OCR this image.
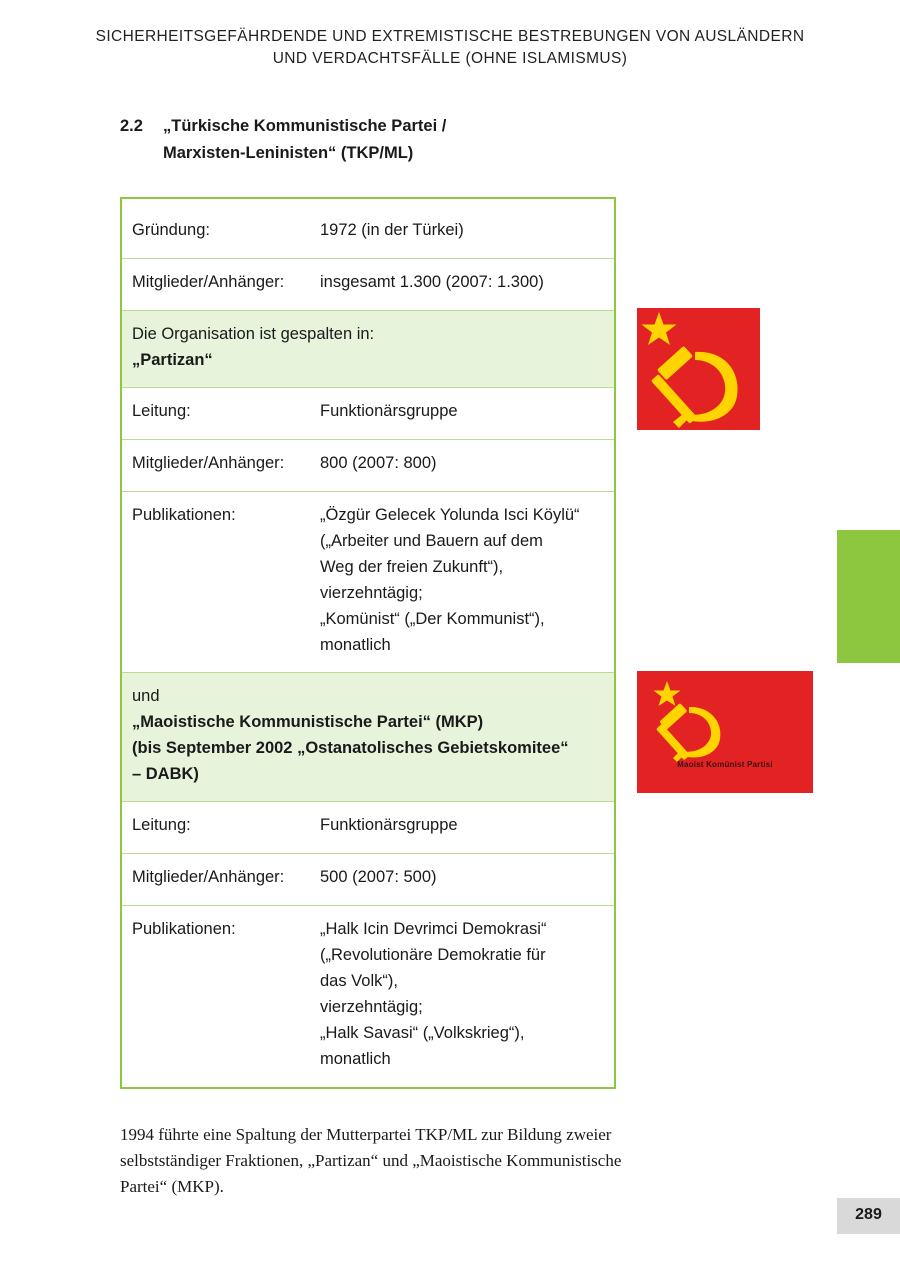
SICHERHEITSGEFÄHRDENDE UND EXTREMISTISCHE BESTREBUNGEN VON AUSLÄNDERN
UND VERDACHTSFÄLLE (OHNE ISLAMISMUS)
2.2 „Türkische Kommunistische Partei /
Marxisten-Leninisten“ (TKP/ML)
Gründung:	1972 (in der Türkei)
Mitglieder/Anhänger: insgesamt 1.300 (2007: 1.300)
Die Organisation ist gespalten in:
„Partizan“
Leitung:	Funktionärsgruppe
Mitglieder/Anhänger: 800 (2007: 800)
Publikationen:	„Özgür Gelecek Yolunda Isci Köylü“
(„Arbeiter und Bauern auf dem
Weg der freien Zukunft“),
vierzehntägig;
„Komünist“ („Der Kommunist“),
monatlich
und
„Maoistische Kommunistische Partei“ (MKP)
(bis September 2002 „Ostanatolisches Gebietskomitee“
– DABK)
Leitung:	Funktionärsgruppe
Mitglieder/Anhänger: 500 (2007: 500)
Publikationen:	„Halk Icin Devrimci Demokrasi“
(„Revolutionäre Demokratie für
das Volk“),
vierzehntägig;
„Halk Savasi“ („Volkskrieg“),
monatlich
Maoist Komünist Partisi
1994 führte eine Spaltung der Mutterpartei TKP/ML zur Bildung zweier selbstständiger Fraktionen, „Partizan“ und „Maoistische Kommunistische Partei“ (MKP).
289
